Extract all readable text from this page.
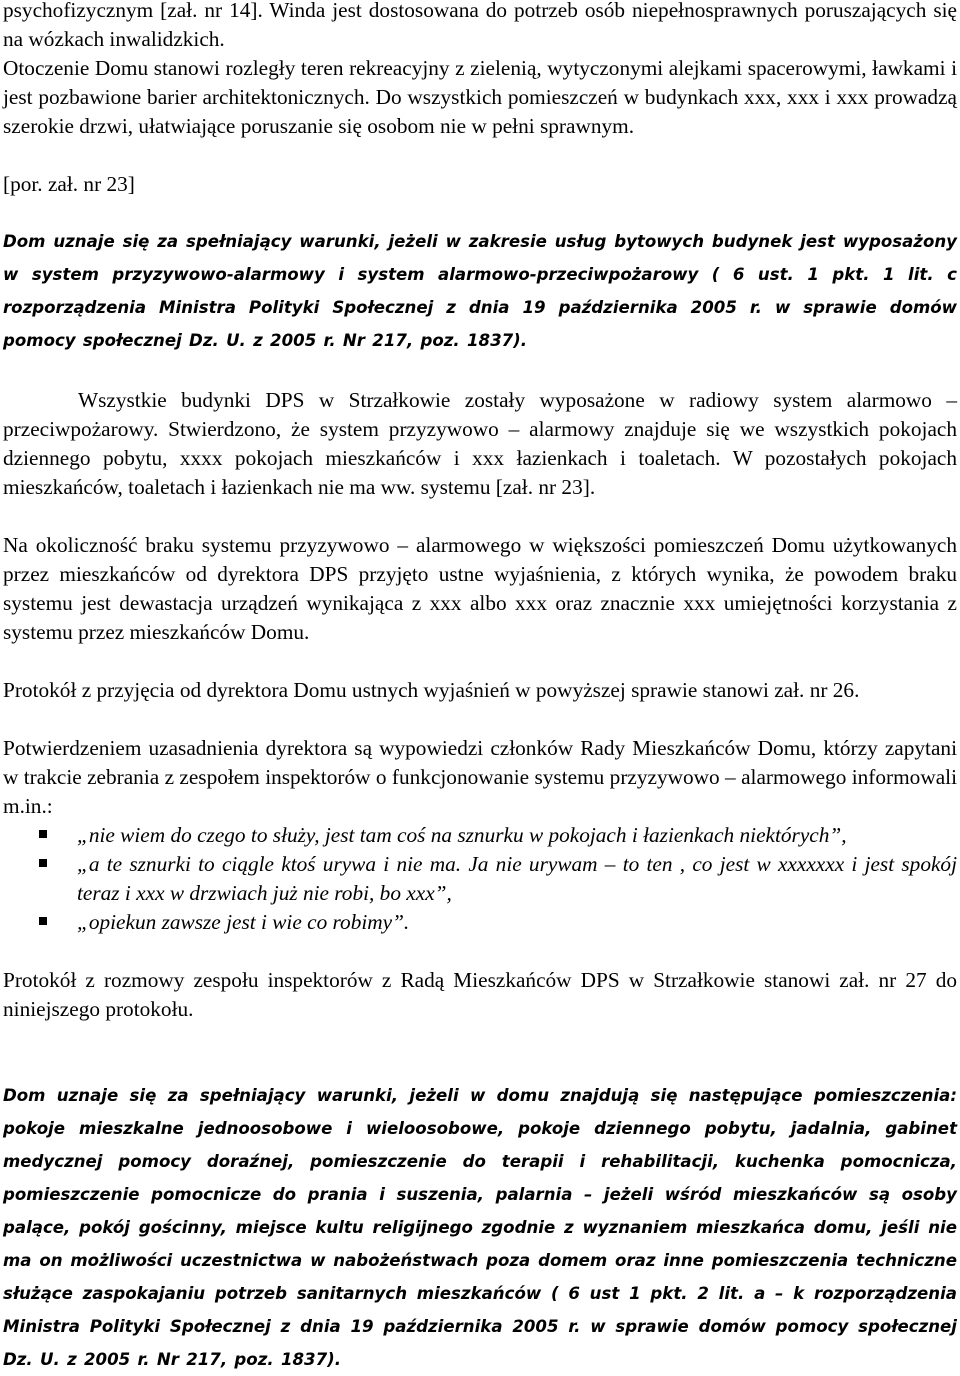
psychofizycznym [zał. nr 14]. Winda jest dostosowana do potrzeb osób niepełnosprawnych poruszających się na wózkach inwalidzkich.

Otoczenie Domu stanowi rozległy teren rekreacyjny z zielenią, wytyczonymi alejkami spacerowymi, ławkami i jest pozbawione barier architektonicznych. Do wszystkich pomieszczeń w budynkach xxx, xxx i xxx prowadzą szerokie drzwi, ułatwiające poruszanie się osobom nie w pełni sprawnym.

[por. zał. nr 23]

Dom uznaje się za spełniający warunki, jeżeli w zakresie usług bytowych budynek jest wyposażony w system przyzywowo-alarmowy i system alarmowo-przeciwpożarowy ( 6 ust. 1 pkt. 1 lit. c rozporządzenia Ministra Polityki Społecznej z dnia 19 października 2005 r. w sprawie domów pomocy społecznej Dz. U. z 2005 r. Nr 217, poz. 1837).

Wszystkie budynki DPS w Strzałkowie zostały wyposażone w radiowy system alarmowo – przeciwpożarowy. Stwierdzono, że system przyzywowo – alarmowy znajduje się we wszystkich pokojach dziennego pobytu, xxxx pokojach mieszkańców i xxx łazienkach i toaletach. W pozostałych pokojach mieszkańców, toaletach i łazienkach nie ma ww. systemu [zał. nr 23].

Na okoliczność braku systemu przyzywowo – alarmowego w większości pomieszczeń Domu użytkowanych przez mieszkańców od dyrektora DPS przyjęto ustne wyjaśnienia, z których wynika, że powodem braku systemu jest dewastacja urządzeń wynikająca z xxx albo xxx oraz znacznie xxx umiejętności korzystania z systemu przez mieszkańców Domu.

Protokół z przyjęcia od dyrektora Domu ustnych wyjaśnień w powyższej sprawie stanowi zał. nr 26.

Potwierdzeniem uzasadnienia dyrektora są wypowiedzi członków Rady Mieszkańców Domu, którzy zapytani w trakcie zebrania z zespołem inspektorów o funkcjonowanie systemu przyzywowo – alarmowego informowali m.in.:

„nie wiem do czego to służy, jest tam coś na sznurku w pokojach i łazienkach niektórych”,
„a te sznurki to ciągle ktoś urywa i nie ma. Ja nie urywam – to ten , co jest w xxxxxxx i jest spokój teraz i xxx w drzwiach już nie robi, bo xxx”,
„opiekun zawsze jest i wie co robimy”.

Protokół z rozmowy zespołu inspektorów z Radą Mieszkańców DPS w Strzałkowie stanowi zał. nr 27 do niniejszego protokołu.

Dom uznaje się za spełniający warunki, jeżeli w domu znajdują się następujące pomieszczenia: pokoje mieszkalne jednoosobowe i wieloosobowe, pokoje dziennego pobytu, jadalnia, gabinet medycznej pomocy doraźnej, pomieszczenie do terapii i rehabilitacji, kuchenka pomocnicza, pomieszczenie pomocnicze do prania i suszenia, palarnia – jeżeli wśród mieszkańców są osoby palące, pokój gościnny, miejsce kultu religijnego zgodnie z wyznaniem mieszkańca domu, jeśli nie ma on możliwości uczestnictwa w nabożeństwach poza domem oraz inne pomieszczenia techniczne służące zaspokajaniu potrzeb sanitarnych mieszkańców ( 6 ust 1 pkt. 2 lit. a – k rozporządzenia Ministra Polityki Społecznej z dnia 19 października 2005 r. w sprawie domów pomocy społecznej Dz. U. z 2005 r. Nr 217, poz. 1837).
